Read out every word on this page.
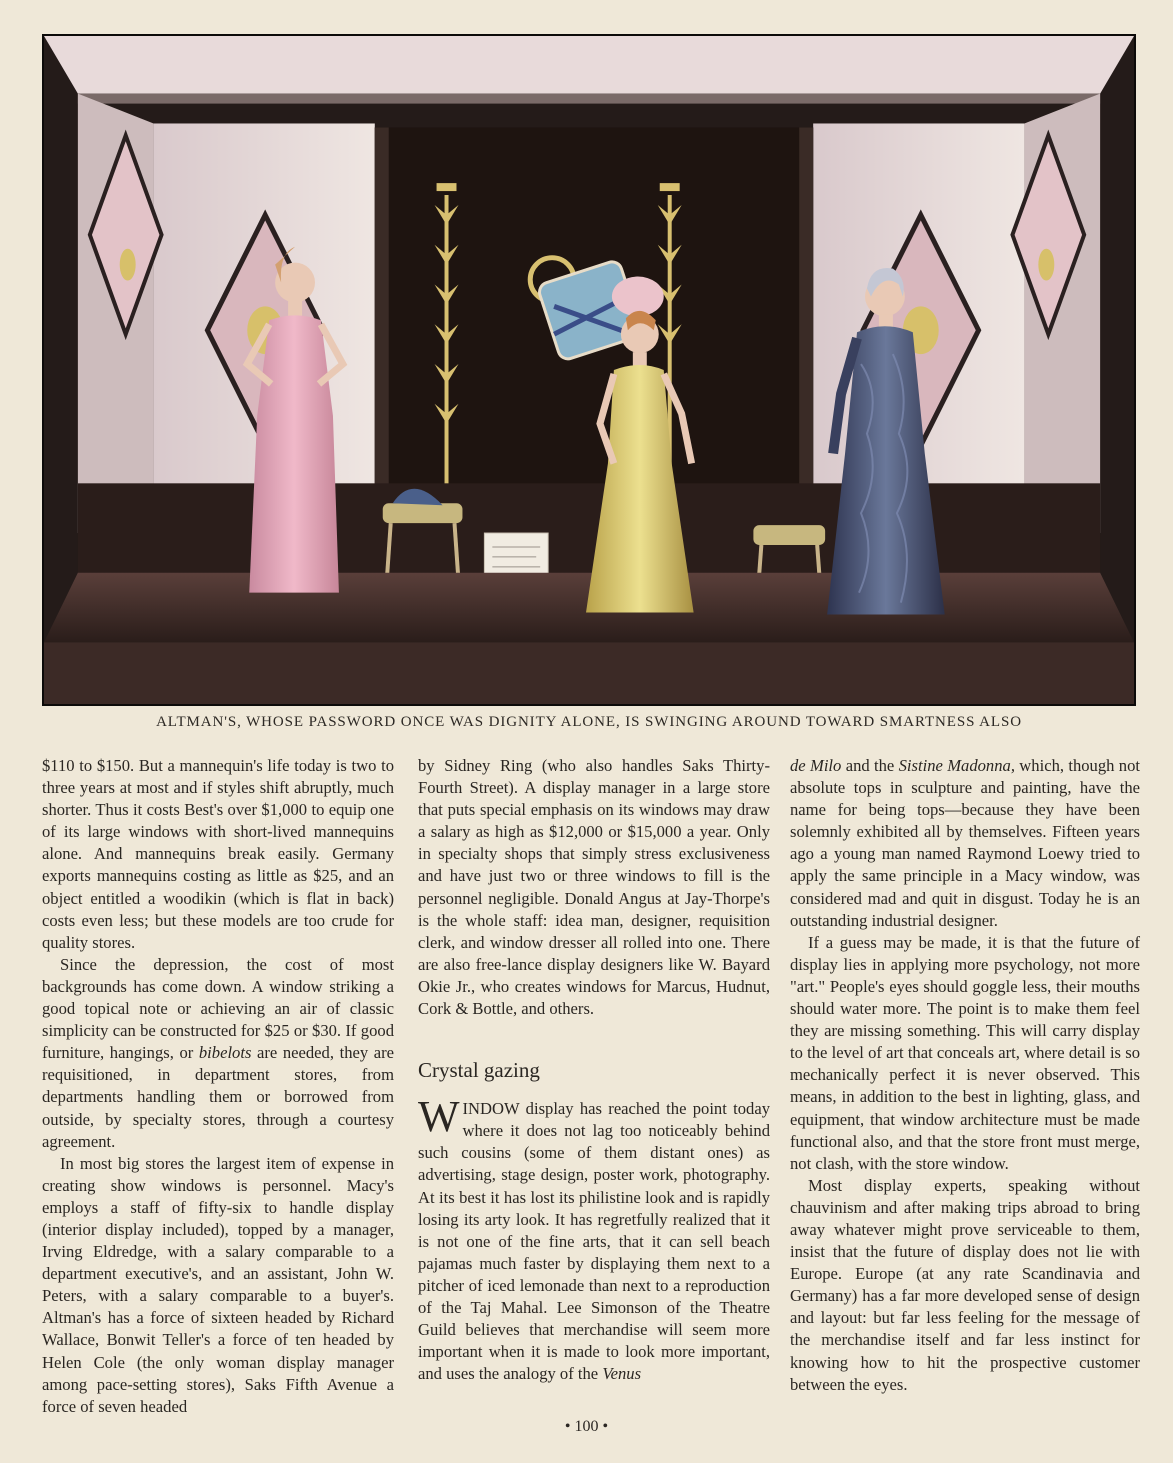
ALTMAN'S, WHOSE PASSWORD ONCE WAS DIGNITY ALONE, IS SWINGING AROUND TOWARD SMARTNESS ALSO

$110 to $150. But a mannequin's life today is two to three years at most and if styles shift abruptly, much shorter. Thus it costs Best's over $1,000 to equip one of its large windows with short-lived mannequins alone. And mannequins break easily. Germany exports mannequins costing as little as $25, and an object entitled a woodikin (which is flat in back) costs even less; but these models are too crude for quality stores.

Since the depression, the cost of most backgrounds has come down. A window striking a good topical note or achieving an air of classic simplicity can be constructed for $25 or $30. If good furniture, hangings, or bibelots are needed, they are requisitioned, in department stores, from departments handling them or borrowed from outside, by specialty stores, through a courtesy agreement.

In most big stores the largest item of expense in creating show windows is personnel. Macy's employs a staff of fifty-six to handle display (interior display included), topped by a manager, Irving Eldredge, with a salary comparable to a department executive's, and an assistant, John W. Peters, with a salary comparable to a buyer's. Altman's has a force of sixteen headed by Richard Wallace, Bonwit Teller's a force of ten headed by Helen Cole (the only woman display manager among pace-setting stores), Saks Fifth Avenue a force of seven headed

by Sidney Ring (who also handles Saks Thirty-Fourth Street). A display manager in a large store that puts special emphasis on its windows may draw a salary as high as $12,000 or $15,000 a year. Only in specialty shops that simply stress exclusiveness and have just two or three windows to fill is the personnel negligible. Donald Angus at Jay-Thorpe's is the whole staff: idea man, designer, requisition clerk, and window dresser all rolled into one. There are also free-lance display designers like W. Bayard Okie Jr., who creates windows for Marcus, Hudnut, Cork & Bottle, and others.

Crystal gazing

WINDOW display has reached the point today where it does not lag too noticeably behind such cousins (some of them distant ones) as advertising, stage design, poster work, photography. At its best it has lost its philistine look and is rapidly losing its arty look. It has regretfully realized that it is not one of the fine arts, that it can sell beach pajamas much faster by displaying them next to a pitcher of iced lemonade than next to a reproduction of the Taj Mahal. Lee Simonson of the Theatre Guild believes that merchandise will seem more important when it is made to look more important, and uses the analogy of the Venus

de Milo and the Sistine Madonna, which, though not absolute tops in sculpture and painting, have the name for being tops—because they have been solemnly exhibited all by themselves. Fifteen years ago a young man named Raymond Loewy tried to apply the same principle in a Macy window, was considered mad and quit in disgust. Today he is an outstanding industrial designer.

If a guess may be made, it is that the future of display lies in applying more psychology, not more "art." People's eyes should goggle less, their mouths should water more. The point is to make them feel they are missing something. This will carry display to the level of art that conceals art, where detail is so mechanically perfect it is never observed. This means, in addition to the best in lighting, glass, and equipment, that window architecture must be made functional also, and that the store front must merge, not clash, with the store window.

Most display experts, speaking without chauvinism and after making trips abroad to bring away whatever might prove serviceable to them, insist that the future of display does not lie with Europe. Europe (at any rate Scandinavia and Germany) has a far more developed sense of design and layout: but far less feeling for the message of the merchandise itself and far less instinct for knowing how to hit the prospective customer between the eyes.

• 100 •
